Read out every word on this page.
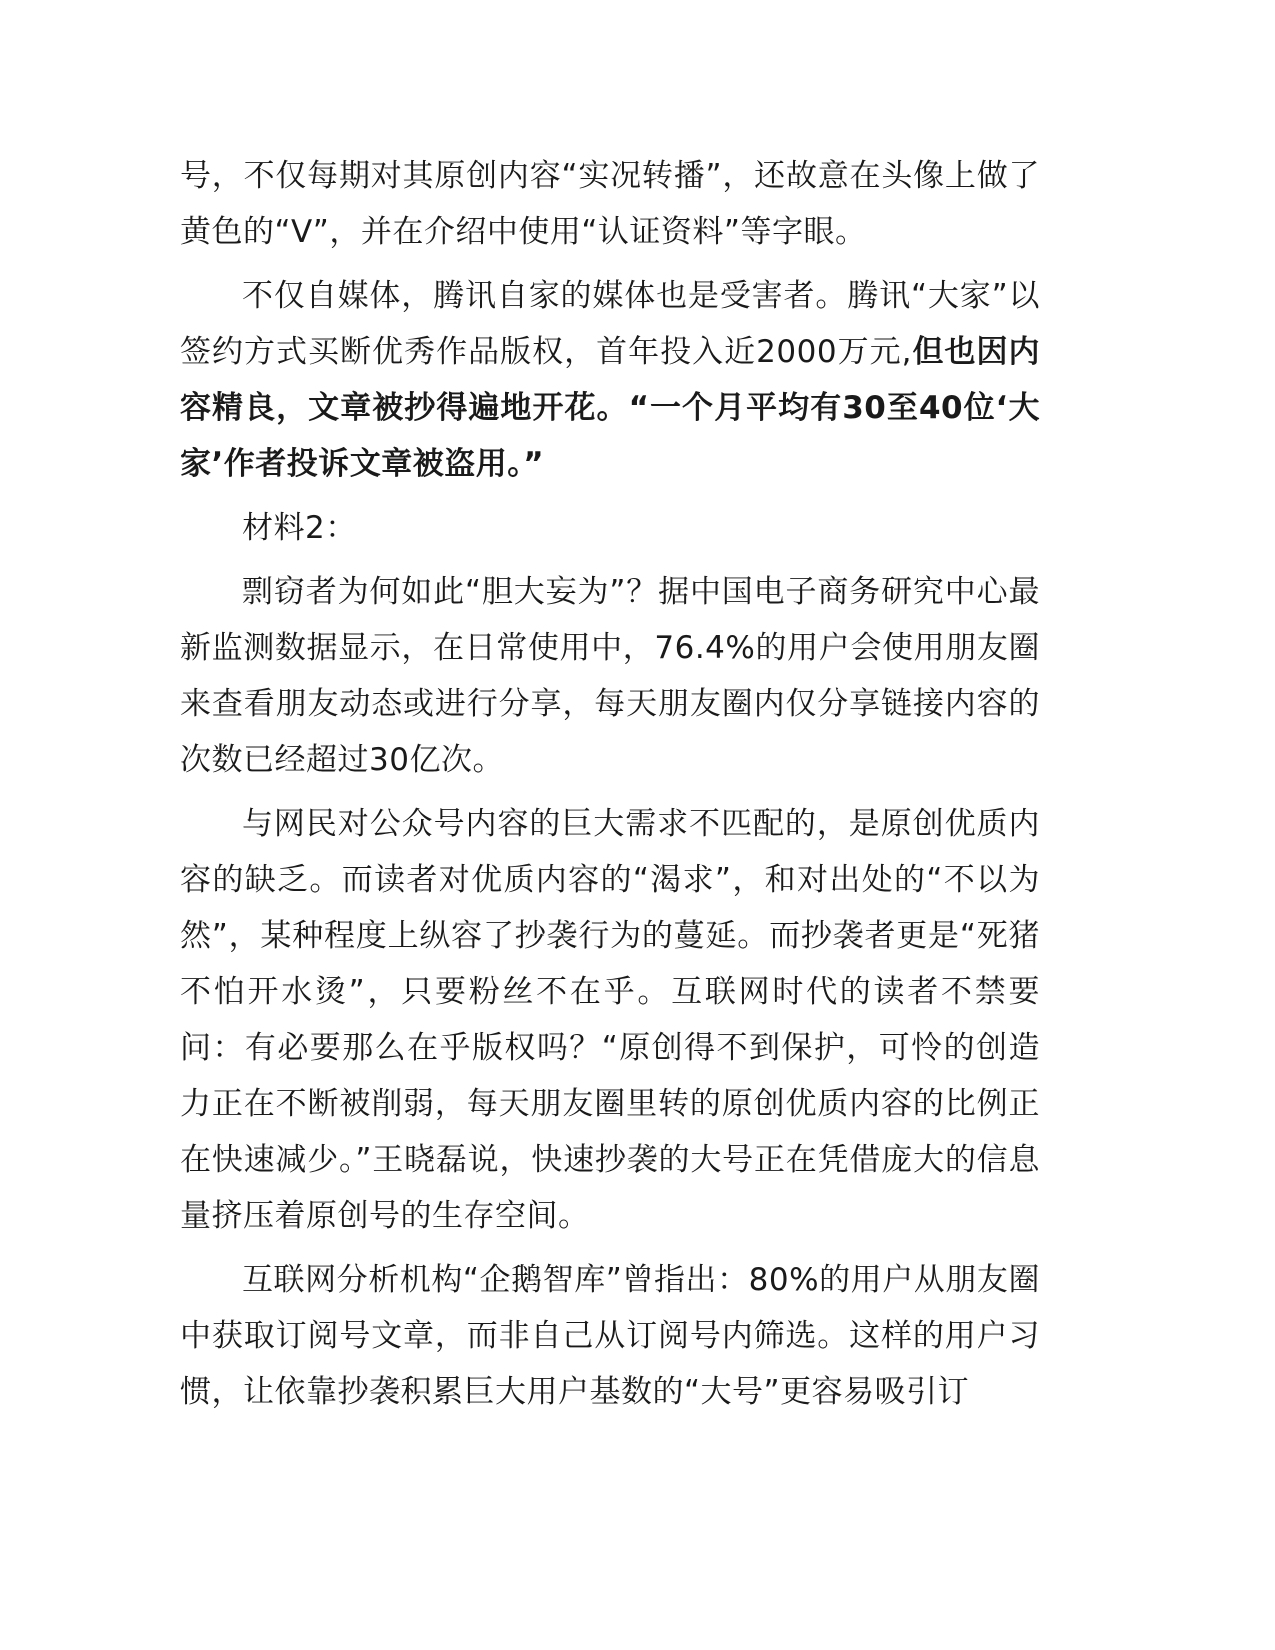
号，不仅每期对其原创内容“实况转播”，还故意在头像上做了黄色的“V”，并在介绍中使用“认证资料”等字眼。

不仅自媒体，腾讯自家的媒体也是受害者。腾讯“大家”以签约方式买断优秀作品版权，首年投入近2000万元,但也因内容精良，文章被抄得遍地开花。“一个月平均有30至40位‘大家’作者投诉文章被盗用。”

材料2：

剽窃者为何如此“胆大妄为”？据中国电子商务研究中心最新监测数据显示，在日常使用中，76.4%的用户会使用朋友圈来查看朋友动态或进行分享，每天朋友圈内仅分享链接内容的次数已经超过30亿次。

与网民对公众号内容的巨大需求不匹配的，是原创优质内容的缺乏。而读者对优质内容的“渴求”，和对出处的“不以为然”，某种程度上纵容了抄袭行为的蔓延。而抄袭者更是“死猪不怕开水烫”，只要粉丝不在乎。互联网时代的读者不禁要问：有必要那么在乎版权吗？“原创得不到保护，可怜的创造力正在不断被削弱，每天朋友圈里转的原创优质内容的比例正在快速减少。”王晓磊说，快速抄袭的大号正在凭借庞大的信息量挤压着原创号的生存空间。

互联网分析机构“企鹅智库”曾指出：80%的用户从朋友圈中获取订阅号文章，而非自己从订阅号内筛选。这样的用户习惯，让依靠抄袭积累巨大用户基数的“大号”更容易吸引订
